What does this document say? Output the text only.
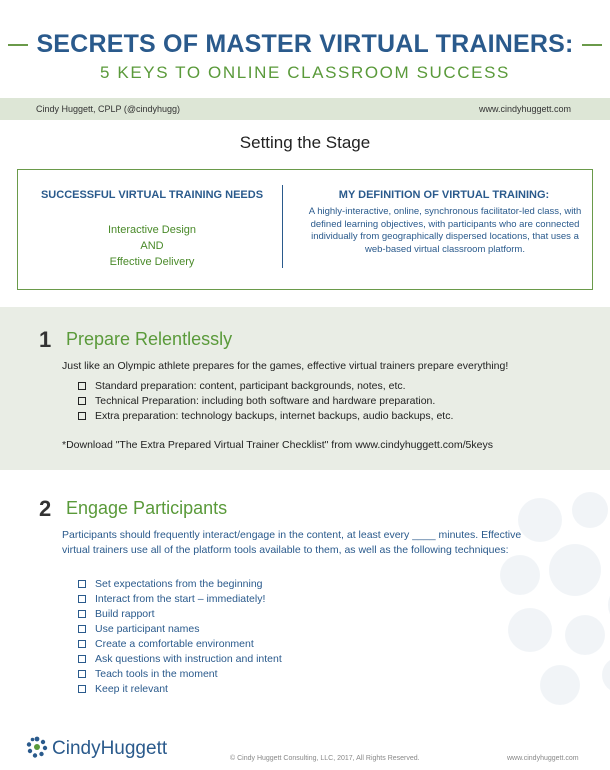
SECRETS OF MASTER VIRTUAL TRAINERS:
5 KEYS TO ONLINE CLASSROOM SUCCESS
Cindy Huggett, CPLP (@cindyhugg)	www.cindyhuggett.com
Setting the Stage
SUCCESSFUL VIRTUAL TRAINING NEEDS
Interactive Design
AND
Effective Delivery
MY DEFINITION OF VIRTUAL TRAINING:
A highly-interactive, online, synchronous facilitator-led class, with defined learning objectives, with participants who are connected individually from geographically dispersed locations, that uses a web-based virtual classroom platform.
1 Prepare Relentlessly
Just like an Olympic athlete prepares for the games, effective virtual trainers prepare everything!
Standard preparation: content, participant backgrounds, notes, etc.
Technical Preparation: including both software and hardware preparation.
Extra preparation: technology backups, internet backups, audio backups, etc.
*Download "The Extra Prepared Virtual Trainer Checklist" from www.cindyhuggett.com/5keys
2 Engage Participants
Participants should frequently interact/engage in the content, at least every ____ minutes. Effective virtual trainers use all of the platform tools available to them, as well as the following techniques:
Set expectations from the beginning
Interact from the start – immediately!
Build rapport
Use participant names
Create a comfortable environment
Ask questions with instruction and intent
Teach tools in the moment
Keep it relevant
CindyHuggett	© Cindy Huggett Consulting, LLC, 2017, All Rights Reserved.	www.cindyhuggett.com
